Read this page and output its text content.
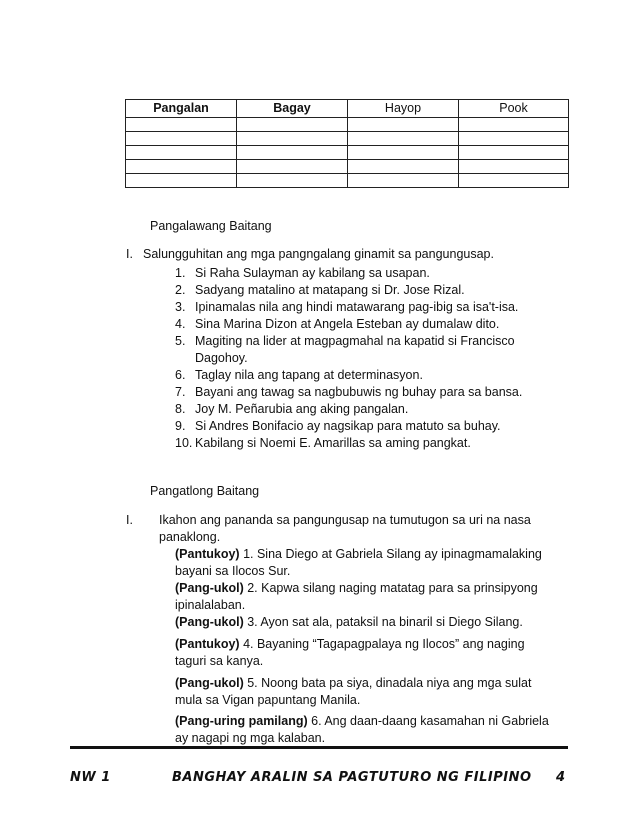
Pangalan	Bagay	Hayop	Pook

Pangalawang Baitang
I. Salungguhitan ang mga pangngalang ginamit sa pangungusap.
1. Si Raha Sulayman ay kabilang sa usapan.
2. Sadyang matalino at matapang si Dr. Jose Rizal.
3. Ipinamalas nila ang hindi matawarang pag-ibig sa isa't-isa.
4. Sina Marina Dizon at Angela Esteban ay dumalaw dito.
5. Magiting na lider at magpagmahal na kapatid si Francisco
Dagohoy.
6. Taglay nila ang tapang at determinasyon.
7. Bayani ang tawag sa nagbubuwis ng buhay para sa bansa.
8. Joy M. Peñarubia ang aking pangalan.
9. Si Andres Bonifacio ay nagsikap para matuto sa buhay.
10. Kabilang si Noemi E. Amarillas sa aming pangkat.
Pangatlong Baitang
I. Ikahon ang pananda sa pangungusap na tumutugon sa uri na nasa
panaklong.
(Pantukoy) 1. Sina Diego at Gabriela Silang ay ipinagmamalaking
bayani sa Ilocos Sur.
(Pang-ukol) 2. Kapwa silang naging matatag para sa prinsipyong
ipinalalaban.
(Pang-ukol) 3. Ayon sat ala, pataksil na binaril si Diego Silang.
(Pantukoy) 4. Bayaning “Tagapagpalaya ng Ilocos” ang naging
taguri sa kanya.
(Pang-ukol) 5. Noong bata pa siya, dinadala niya ang mga sulat
mula sa Vigan papuntang Manila.
(Pang-uring pamilang) 6. Ang daan-daang kasamahan ni Gabriela
ay nagapi ng mga kalaban.
NW 1	BANGHAY ARALIN SA PAGTUTURO NG FILIPINO 4
